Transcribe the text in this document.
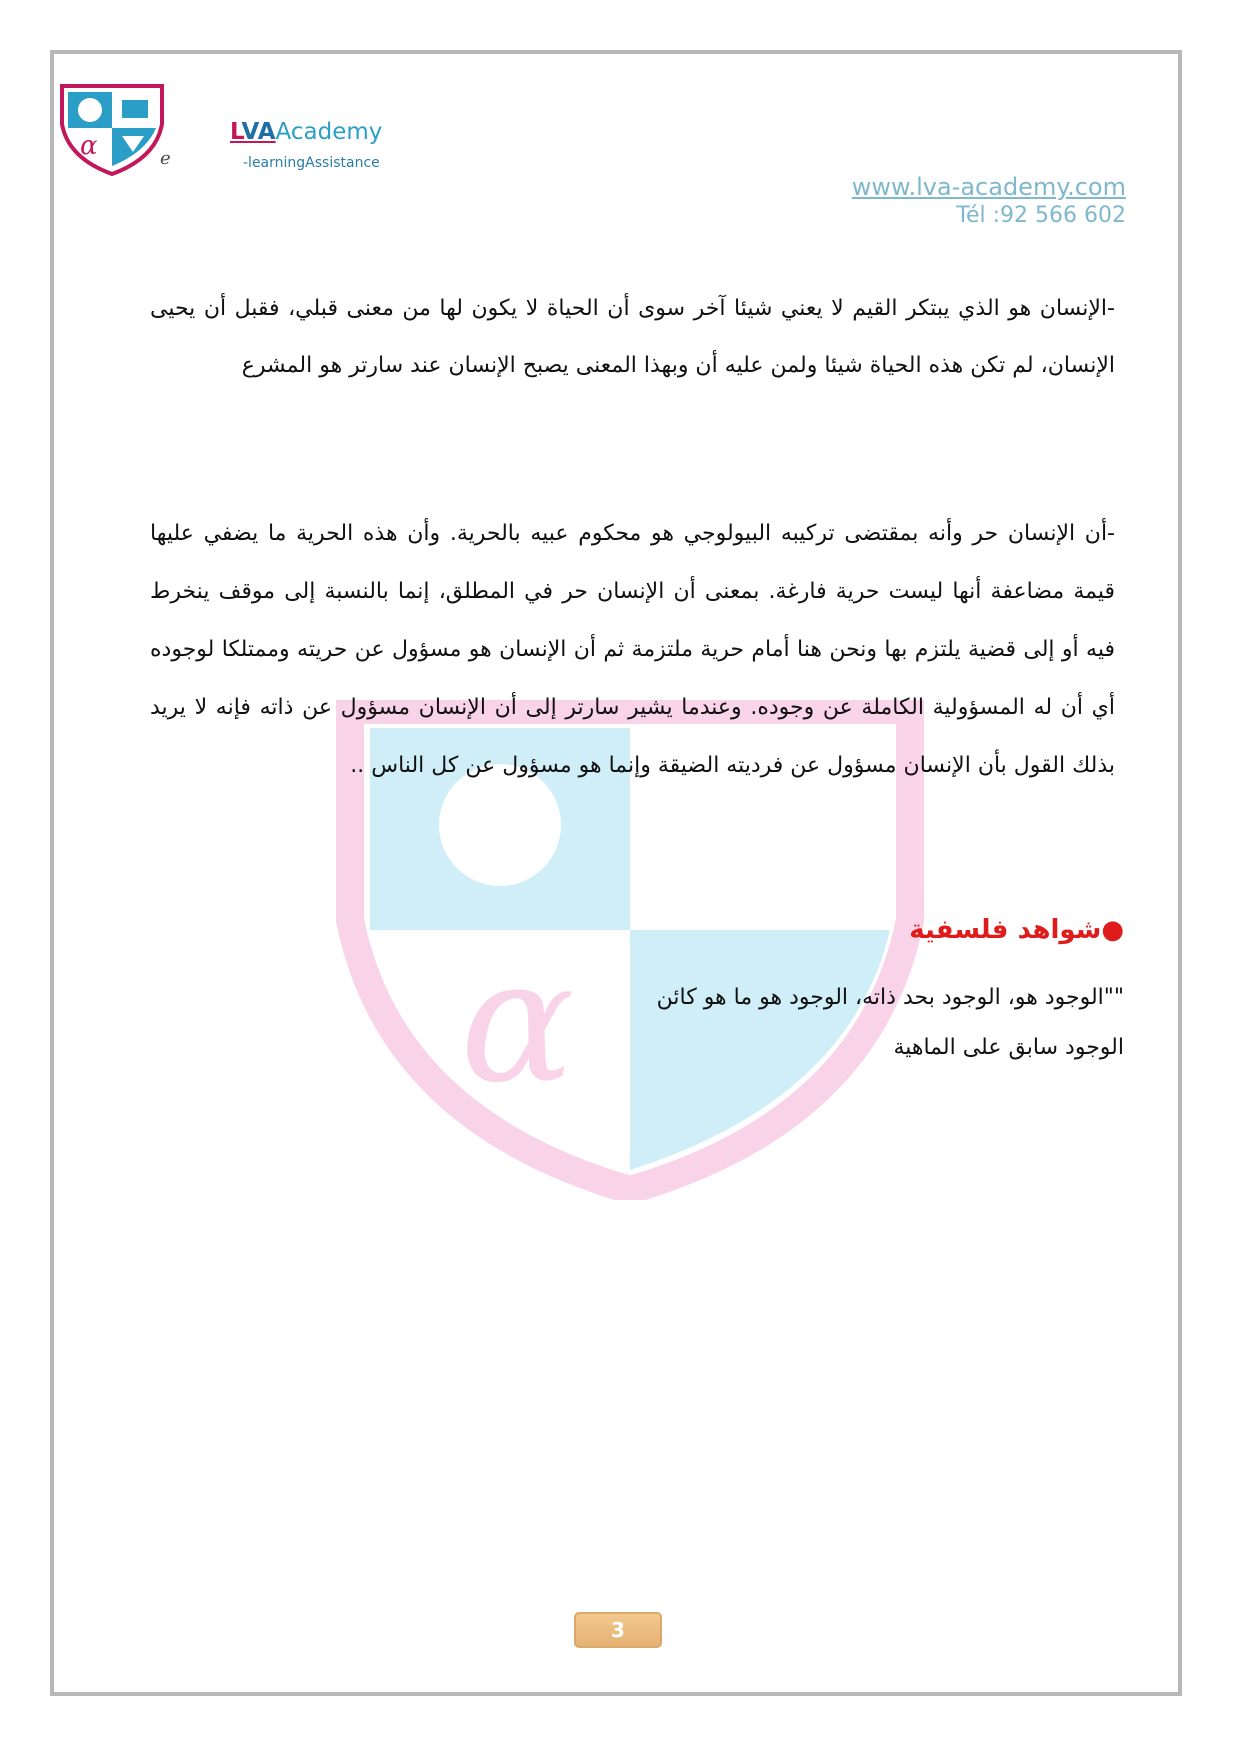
α	LVAAcademy
e	-learningAssistance
www.lva-academy.com
Tél :92 566 602
α

-الإنسان هو الذي يبتكر القيم لا يعني شيئا آخر سوى أن الحياة لا يكون لها من معنى قبلي، فقبل أن يحيى الإنسان، لم تكن هذه الحياة شيئا ولمن عليه أن وبهذا المعنى يصبح الإنسان عند سارتر هو المشرع

-أن الإنسان حر وأنه بمقتضى تركيبه البيولوجي هو محكوم عبيه بالحرية. وأن هذه الحرية ما يضفي عليها قيمة مضاعفة أنها ليست حرية فارغة. بمعنى أن الإنسان حر في المطلق، إنما بالنسبة إلى موقف ينخرط فيه أو إلى قضية يلتزم بها ونحن هنا أمام حرية ملتزمة ثم أن الإنسان هو مسؤول عن حريته وممتلكا لوجوده أي أن له المسؤولية الكاملة عن وجوده. وعندما يشير سارتر إلى أن الإنسان مسؤول عن ذاته فإنه لا يريد بذلك القول بأن الإنسان مسؤول عن فرديته الضيقة وإنما هو مسؤول عن كل الناس ..

●شواهد فلسفية
""الوجود هو، الوجود بحد ذاته، الوجود هو ما هو كائن
الوجود سابق على الماهية
3
